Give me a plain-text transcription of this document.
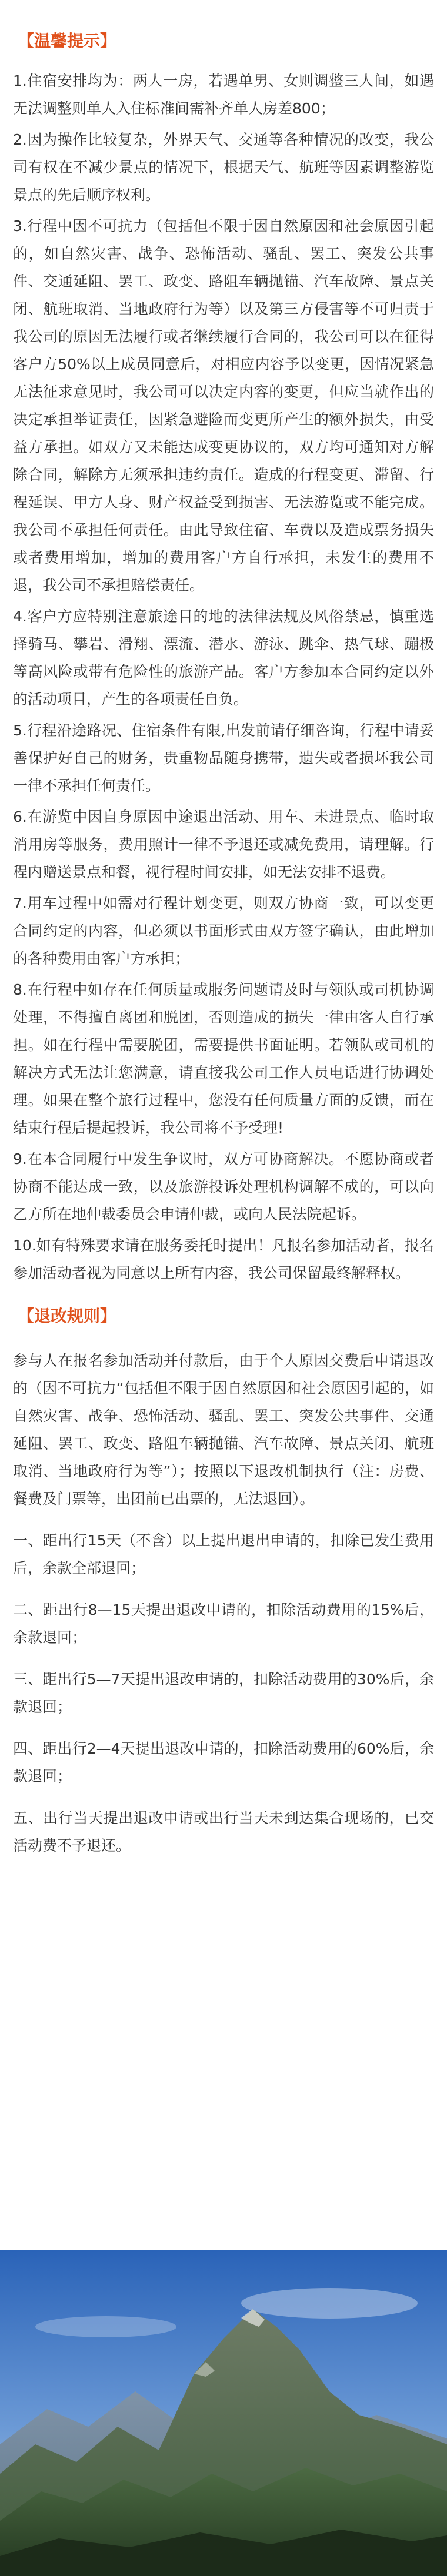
【温馨提示】

1.住宿安排均为：两人一房，若遇单男、女则调整三人间，如遇无法调整则单人入住标准间需补齐单人房差800；

2.因为操作比较复杂，外界天气、交通等各种情况的改变，我公司有权在不减少景点的情况下，根据天气、航班等因素调整游览景点的先后顺序权利。

3.行程中因不可抗力（包括但不限于因自然原因和社会原因引起的，如自然灾害、战争、恐怖活动、骚乱、罢工、突发公共事件、交通延阻、罢工、政变、路阻车辆抛锚、汽车故障、景点关闭、航班取消、当地政府行为等）以及第三方侵害等不可归责于我公司的原因无法履行或者继续履行合同的，我公司可以在征得客户方50%以上成员同意后，对相应内容予以变更，因情况紧急无法征求意见时，我公司可以决定内容的变更，但应当就作出的决定承担举证责任，因紧急避险而变更所产生的额外损失，由受益方承担。如双方又未能达成变更协议的，双方均可通知对方解除合同，解除方无须承担违约责任。造成的行程变更、滞留、行程延误、甲方人身、财产权益受到损害、无法游览或不能完成。我公司不承担任何责任。由此导致住宿、车费以及造成票务损失或者费用增加，增加的费用客户方自行承担，未发生的费用不退，我公司不承担赔偿责任。

4.客户方应特别注意旅途目的地的法律法规及风俗禁忌，慎重选择骑马、攀岩、滑翔、漂流、潜水、游泳、跳伞、热气球、蹦极等高风险或带有危险性的旅游产品。客户方参加本合同约定以外的活动项目，产生的各项责任自负。

5.行程沿途路况、住宿条件有限,出发前请仔细咨询，行程中请妥善保护好自己的财务，贵重物品随身携带，遗失或者损坏我公司一律不承担任何责任。

6.在游览中因自身原因中途退出活动、用车、未进景点、临时取消用房等服务，费用照计一律不予退还或减免费用，请理解。行程内赠送景点和餐，视行程时间安排，如无法安排不退费。

7.用车过程中如需对行程计划变更，则双方协商一致，可以变更合同约定的内容，但必须以书面形式由双方签字确认，由此增加的各种费用由客户方承担；

8.在行程中如存在任何质量或服务问题请及时与领队或司机协调处理，不得擅自离团和脱团，否则造成的损失一律由客人自行承担。如在行程中需要脱团，需要提供书面证明。若领队或司机的解决方式无法让您满意，请直接我公司工作人员电话进行协调处理。如果在整个旅行过程中，您没有任何质量方面的反馈，而在结束行程后提起投诉，我公司将不予受理!

9.在本合同履行中发生争议时，双方可协商解决。不愿协商或者协商不能达成一致，以及旅游投诉处理机构调解不成的，可以向乙方所在地仲裁委员会申请仲裁，或向人民法院起诉。

10.如有特殊要求请在服务委托时提出！凡报名参加活动者，报名参加活动者视为同意以上所有内容，我公司保留最终解释权。

【退改规则】

参与人在报名参加活动并付款后，由于个人原因交费后申请退改的（因不可抗力“包括但不限于因自然原因和社会原因引起的，如自然灾害、战争、恐怖活动、骚乱、罢工、突发公共事件、交通延阻、罢工、政变、路阻车辆抛锚、汽车故障、景点关闭、航班取消、当地政府行为等”）；按照以下退改机制执行（注：房费、餐费及门票等，出团前已出票的，无法退回）。

一、距出行15天（不含）以上提出退出申请的，扣除已发生费用后，余款全部退回；

二、距出行8—15天提出退改申请的，扣除活动费用的15%后，余款退回；

三、距出行5—7天提出退改申请的，扣除活动费用的30%后，余款退回；

四、距出行2—4天提出退改申请的，扣除活动费用的60%后，余款退回；

五、出行当天提出退改申请或出行当天未到达集合现场的，已交活动费不予退还。
